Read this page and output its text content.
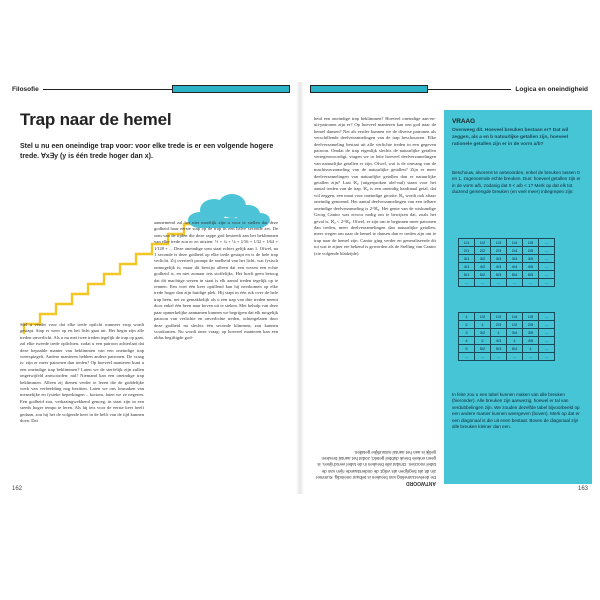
Filosofie
Trap naar de hemel
Stel u nu een oneindige trap voor: voor elke trede is er een volgende hogere trede. ∀x∃y (y is één trede hoger dan x).
Stel u verder voor dat elke trede opficht wanneer erop wordt gestapt. Stap er weer op en het licht gaat uit. Het begin zijn alle treden onverlicht. Als u nu met twee treden tegelijk de trap op gaat, zal elke tweede trede oplichten, zodat u een patroon achterlaat dat deze bepaalde manier van beklimmen van een oneindige trap weerspiegelt. Andere manieren hebben andere patronen. De vraag is: zijn er meer patronen dan treden? Op hoeveel manieren kunt u een oneindige trap beklimmen? Laten we de sterfelijk zijn zullen ongetwijfeld antwoorden: nul! Niemand kan een oneindige trap beklimmen. Alleen zij dienen verder te lezen die de goddelijke werk van verbeelding nog bezitten. Laten we ons losmaken van menselijke en fysieke beperkingen – kortom, laten we ze negeren. Een godheid zou, verbazingwekkend genoeg, in staat zijn in een steeds hoger tempo te leren. Als hij iets voor de eerste keer heeft gedaan, zou hij het de volgende keer in de helft van de tijd kunnen doen. Dat
aannemend zal het niet moeilijk zijn u voor te stellen dat deze godheid haar eerste stap op de trap in een halve seconde zet. De som van de tijden die deze rappe god besteedt aan het beklimmen van elke trede zou er zo uitzien: ½ + ¼ + ⅛ + 1⁄16 + 1⁄32 + 1⁄64 + 1⁄128 + ... Deze oneindige som staat echter gelijk aan 1. Ofwel, na 1 seconde is deze godheid op elke trede gestapt en is de hele trap verlicht. Zij overtreft prompt de snelheid van het licht, wat fysisch onmogelijk is; maar dit bewijst alleen dat een wezen een echte godheid is, en niet zomaar iets stoffelijks. Het hoeft geen betoog dat dit machtige wezen in staat is elk aantal treden tegelijk op te rennen. Een voet één keer optillend kan hij neerkomen op elke trede hoger dan zijn huidige plek. Hij stapt in één ruk over de hele trap heen, net zo gemakkelijk als u een trap van drie treden neemt door enkel één been naar boven uit te steken. Met behulp van deze paar opmerkelijke aannamen kunnen we begrijpen dat elk mogelijk patroon van verlichte en onverlichte treden, achtergelaten door deze godheid na slechts één seconde klimmen, zou kunnen voorkomen. Nu wordt onze vraag: op hoeveel manieren kan een aldus begiftigde god-
162
Logica en oneindigheid
heid een oneindige trap beklimmen? Hoeveel oneindige aan-en-uit-patronen zijn er? Op hoeveel manieren kan een god naar de hemel dansen? Net als eerder kunnen we de diverse patronen als verschillende deelverzamelingen van de trap beschouwen. Elke deelverzameling bestaat uit alle verlichte treden in een gegeven patroon. Omdat de trap eigenlijk slechts de natuurlijke getallen vertegenwoordigt, vragen we in feite hoeveel deelverzamelingen van natuurlijke getallen er zijn. Ofwel, wat is de omvang van de machtsverzameling van de natuurlijke getallen? Zijn er meer deelverzamelingen van natuurlijke getallen dan er natuurlijke getallen zijn? Laat ℵ₀ (uitgesproken alef-nul) staan voor het aantal treden van de trap. ℵ₀ is een oneindig kardinaal getal, dat wil zeggen, een maat voor oneindige grootte. ℵ₀ wordt ook aftaar oneindig genoemd. Het aantal deelverzamelingen van een telbare oneindige deelverzameling is 2^ℵ₀. Het genie van de wiskundige Georg Cantor was ervoor nodig om te bewijzen dat, zoals het geval is, ℵ₀ < 2^ℵ₀. Ofwel, er zijn om te beginnen meer patronen dan treden, meer deelverzamelingen dan natuurlijke getallen, meer wegen om naar de hemel te dansen dan er treden zijn om te trap naar de hemel zijn. Cantor ging verder en generaliseerde dit tot wat te zijner ere bekend is geworden als de Stelling van Cantor (zie volgende bladzijde).
ANTWOORD
De deelverzameling van breuken is telbaar oneindig. Kummer zin dit als begrijpen als volgt: de onderstaande rijen van de tabel voorzien. Omdat alle breuken in de tabel verschijnen, is geen enkele breuk dubbel geteld, zodat het aantal breuken gelijk is aan het aantal natuurlijke getallen.
VRAAG
Overweeg dit. Hoeveel breuken bestaan er? Dat wil zeggen, als a en b natuurlijke getallen zijn, hoeveel rationele getallen zijn er in de vorm a/b?
Beschouw, alvorens te antwoorden, enkel de breuken tussen 0 en 1, zogenoemde echte breuken. Dus: hoeveel getallen zijn er in de vorm a/b, zodanig dat 0 < a/b < 1? Merk op dat elk tot duizend gemengde breuken (en veel meer) inbegrepen zijn:
1/1	1/2	1/3	1/4	1/5	...
2/1	2/2	2/3	2/4	2/5	...
3/1	3/2	3/3	3/4	3/5	...
4/1	4/2	4/3	4/4	4/5	...
5/1	5/2	5/3	5/4	5/5	...
...	...	...	...	...	...
1	1/2	1/3	1/4	1/5	...
2	1	2/3	1/2	2/5	...
3	3/2	1	3/4	3/5	...
4	2	4/3	1	4/5	...
5	5/2	5/3	5/4	1	...
...	...	...	...	...	...
In feite zou u een tabel kunnen maken van alle breuken (hieronder). Alle breuken zijn aanwezig, hoewel er tal van verdubbelingen zijn. We zouden dezelfde tabel bijvoorbeeld op een andere manier kunnen weergeven (boven). Merk op dat er een diagonaal is die uit enen bestaat. Boven de diagonaal zijn alle breuken kleiner dan een.
163
